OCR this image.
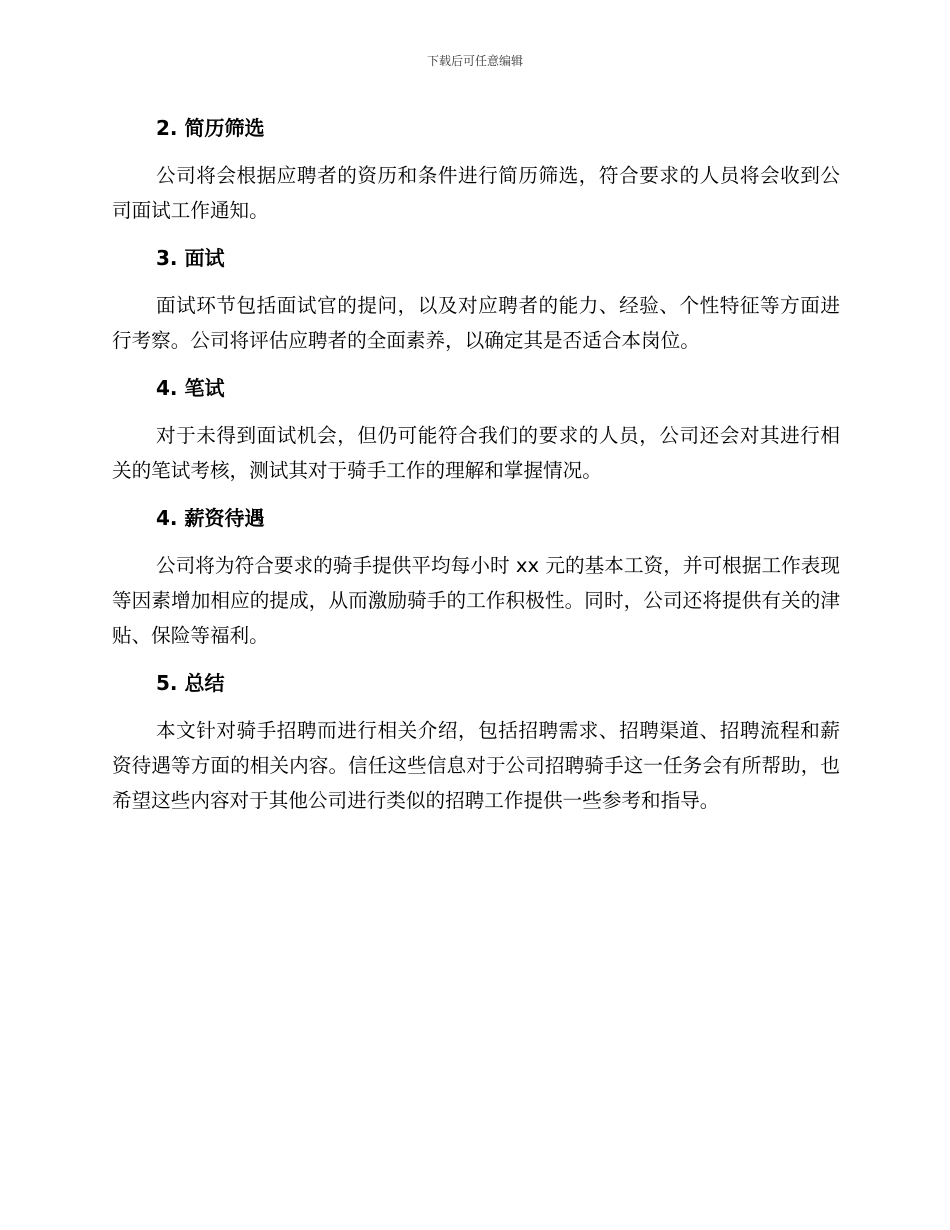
下载后可任意编辑
2. 简历筛选

公司将会根据应聘者的资历和条件进行简历筛选，符合要求的人员将会收到公司面试工作通知。

3. 面试

面试环节包括面试官的提问，以及对应聘者的能力、经验、个性特征等方面进行考察。公司将评估应聘者的全面素养，以确定其是否适合本岗位。

4. 笔试

对于未得到面试机会，但仍可能符合我们的要求的人员，公司还会对其进行相关的笔试考核，测试其对于骑手工作的理解和掌握情况。

4. 薪资待遇

公司将为符合要求的骑手提供平均每小时 xx 元的基本工资，并可根据工作表现等因素增加相应的提成，从而激励骑手的工作积极性。同时，公司还将提供有关的津贴、保险等福利。

5. 总结

本文针对骑手招聘而进行相关介绍，包括招聘需求、招聘渠道、招聘流程和薪资待遇等方面的相关内容。信任这些信息对于公司招聘骑手这一任务会有所帮助，也希望这些内容对于其他公司进行类似的招聘工作提供一些参考和指导。
